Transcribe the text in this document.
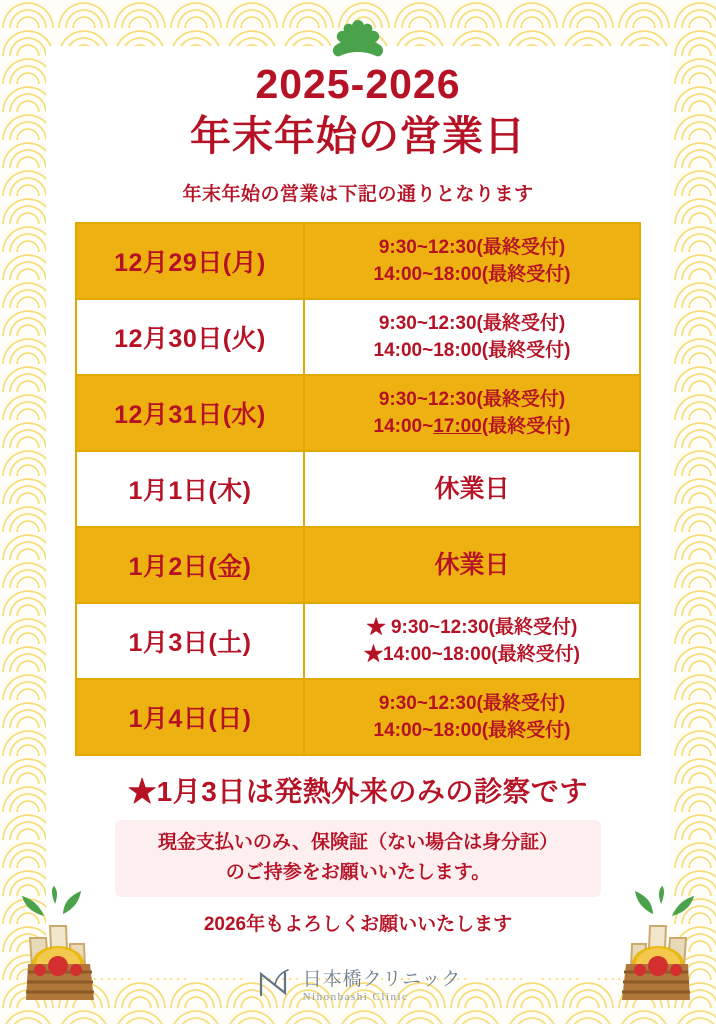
2025-2026
年末年始の営業日
年末年始の営業は下記の通りとなります
12月29日(月)
9:30~12:30(最終受付)
14:00~18:00(最終受付)
12月30日(火)
9:30~12:30(最終受付)
14:00~18:00(最終受付)
12月31日(水)
9:30~12:30(最終受付)
14:00~17:00(最終受付)
1月1日(木)	休業日
1月2日(金)	休業日
1月3日(土)
★ 9:30~12:30(最終受付)
★14:00~18:00(最終受付)
1月4日(日)
9:30~12:30(最終受付)
14:00~18:00(最終受付)
★1月3日は発熱外来のみの診察です
現金支払いのみ、保険証（ない場合は身分証）
のご持参をお願いいたします。
2026年もよろしくお願いいたします
日本橋クリニック
Nihonbashi Clinic
